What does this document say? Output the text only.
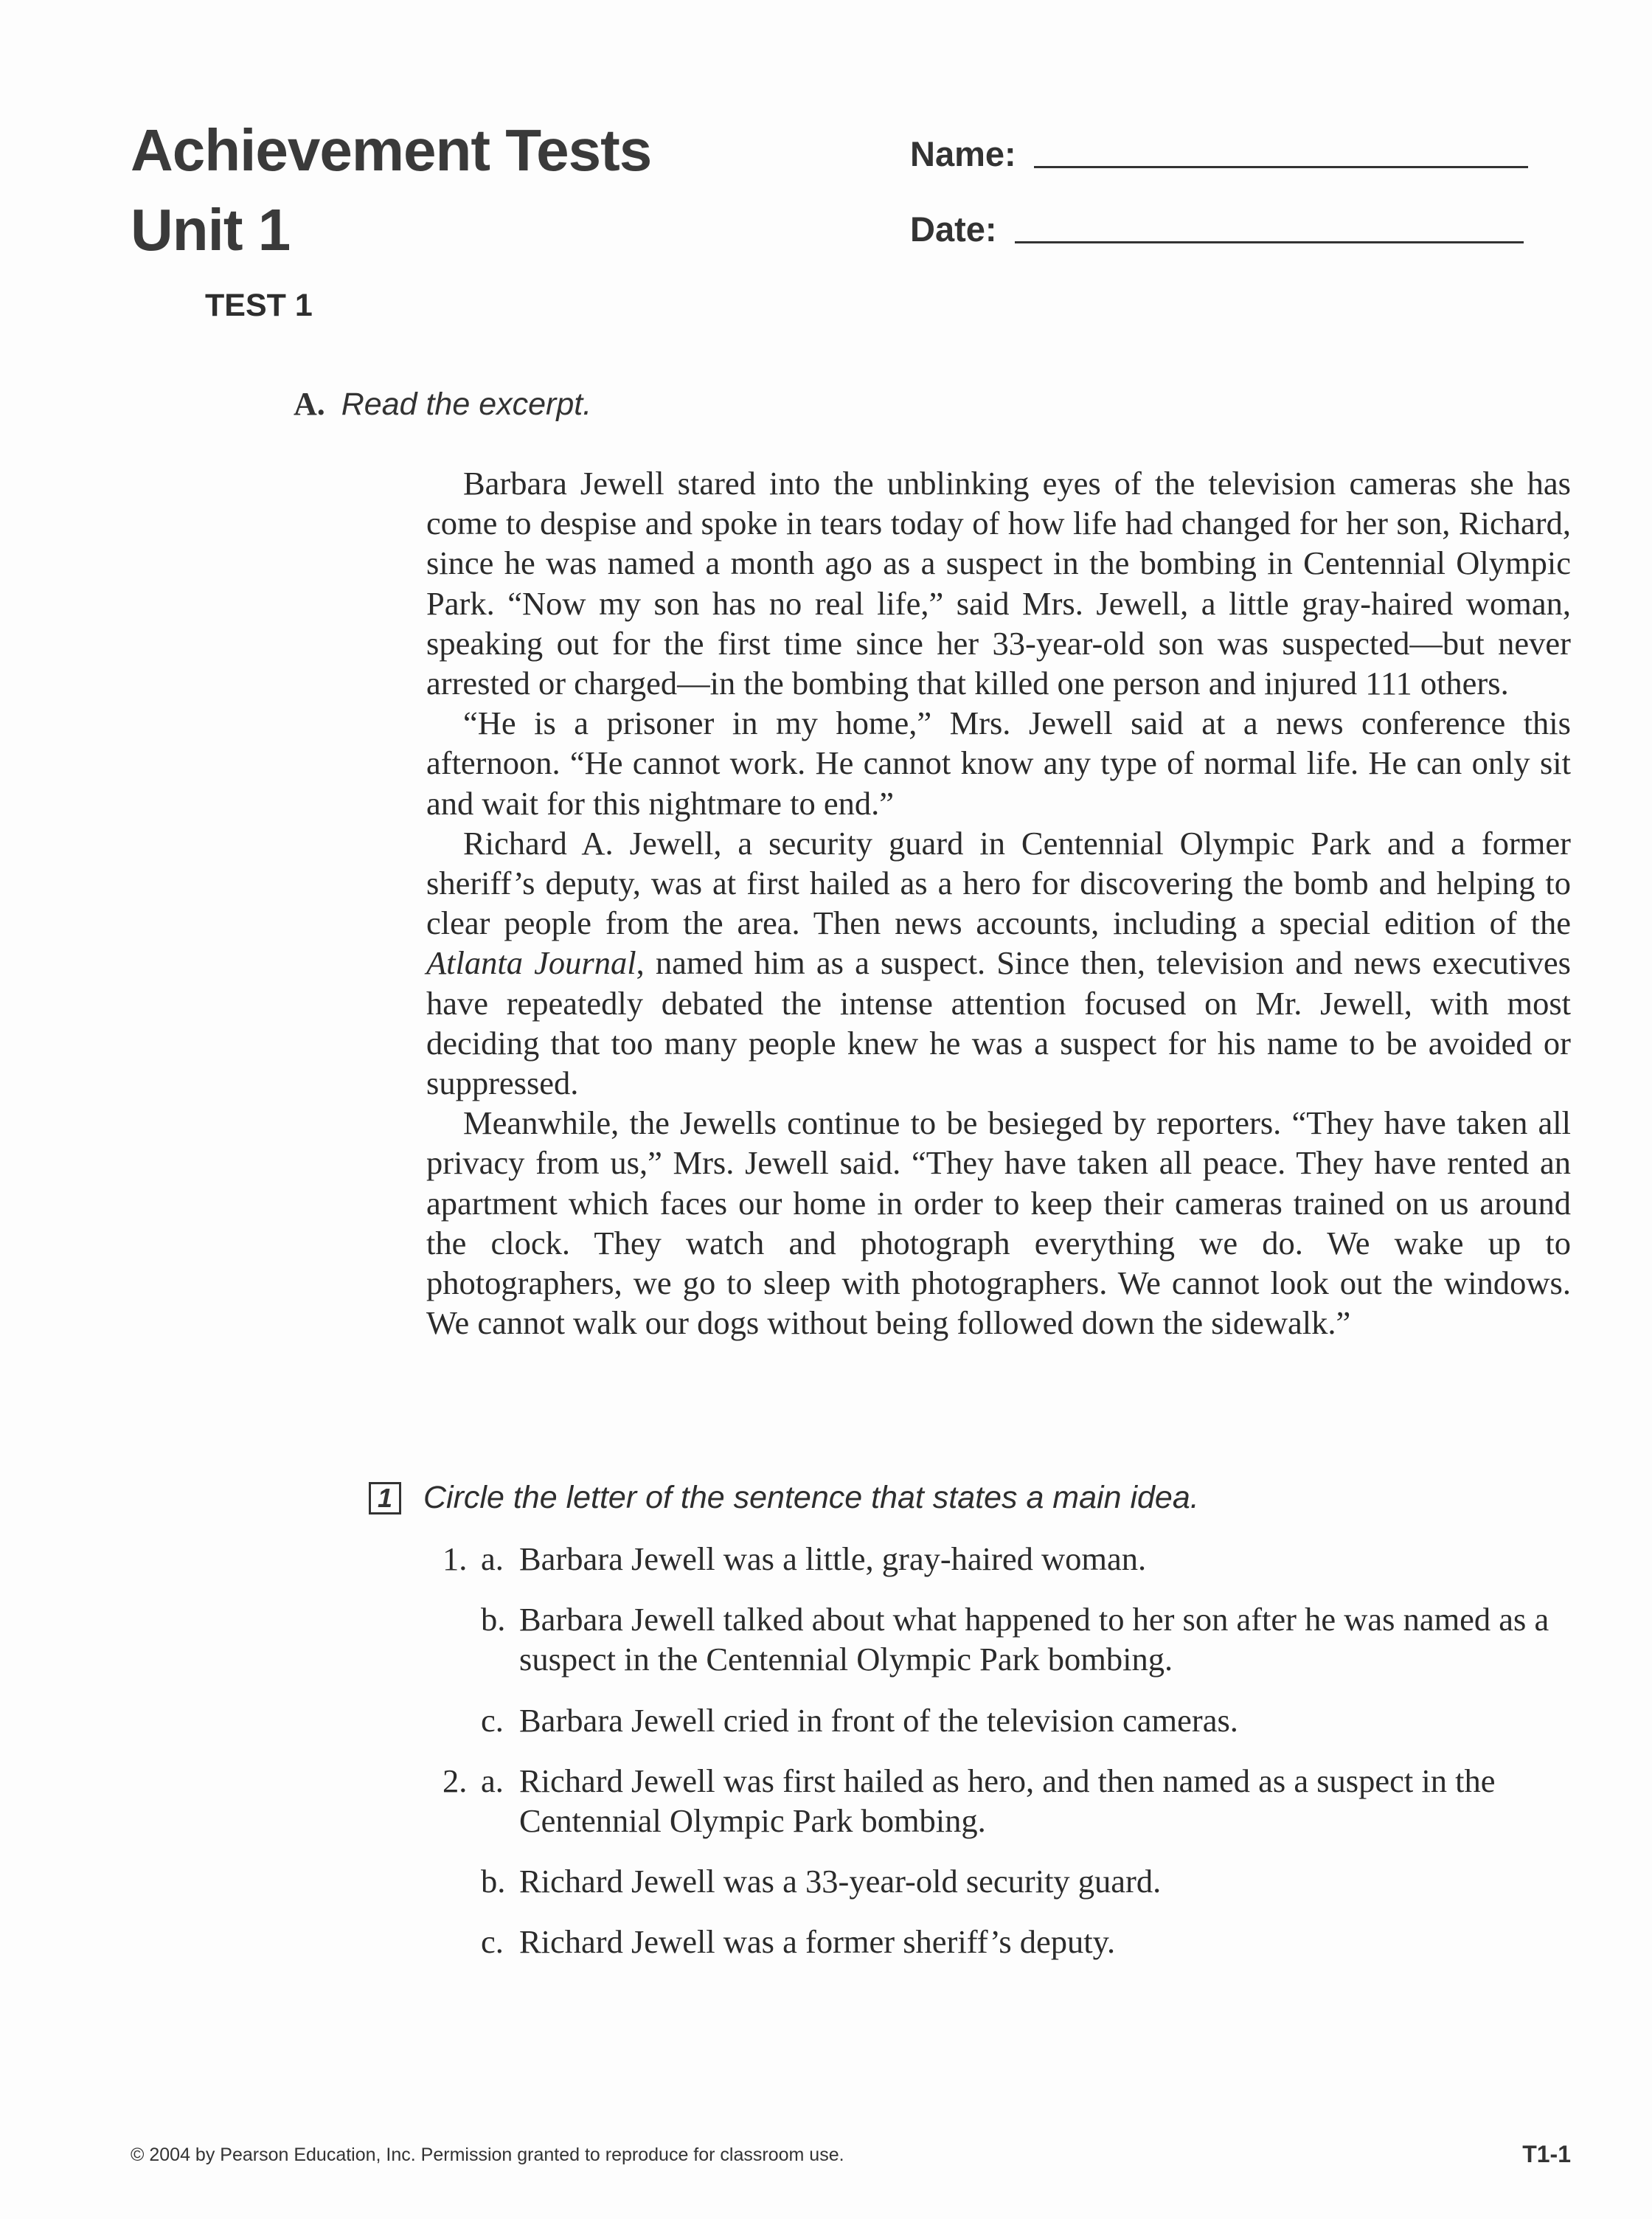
Achievement Tests
Unit 1
TEST 1
Name:
Date:
A. Read the excerpt.

Barbara Jewell stared into the unblinking eyes of the television cameras she has come to despise and spoke in tears today of how life had changed for her son, Richard, since he was named a month ago as a suspect in the bombing in Centennial Olympic Park. “Now my son has no real life,” said Mrs. Jewell, a little gray-haired woman, speaking out for the first time since her 33-year-old son was suspected—but never arrested or charged—in the bombing that killed one person and injured 111 others.

“He is a prisoner in my home,” Mrs. Jewell said at a news conference this afternoon. “He cannot work. He cannot know any type of normal life. He can only sit and wait for this nightmare to end.”

Richard A. Jewell, a security guard in Centennial Olympic Park and a former sheriff’s deputy, was at first hailed as a hero for discovering the bomb and helping to clear people from the area. Then news accounts, including a special edition of the Atlanta Journal, named him as a suspect. Since then, television and news executives have repeatedly debated the intense attention focused on Mr. Jewell, with most deciding that too many people knew he was a suspect for his name to be avoided or suppressed.

Meanwhile, the Jewells continue to be besieged by reporters. “They have taken all privacy from us,” Mrs. Jewell said. “They have taken all peace. They have rented an apartment which faces our home in order to keep their cameras trained on us around the clock. They watch and photograph everything we do. We wake up to photographers, we go to sleep with photographers. We cannot look out the windows. We cannot walk our dogs without being followed down the sidewalk.”

1 Circle the letter of the sentence that states a main idea.
1. a. Barbara Jewell was a little, gray-haired woman.
b. Barbara Jewell talked about what happened to her son after he was named as a suspect in the Centennial Olympic Park bombing.
c. Barbara Jewell cried in front of the television cameras.
2. a. Richard Jewell was first hailed as hero, and then named as a suspect in the Centennial Olympic Park bombing.
b. Richard Jewell was a 33-year-old security guard.
c. Richard Jewell was a former sheriff’s deputy.
© 2004 by Pearson Education, Inc. Permission granted to reproduce for classroom use.	T1-1
